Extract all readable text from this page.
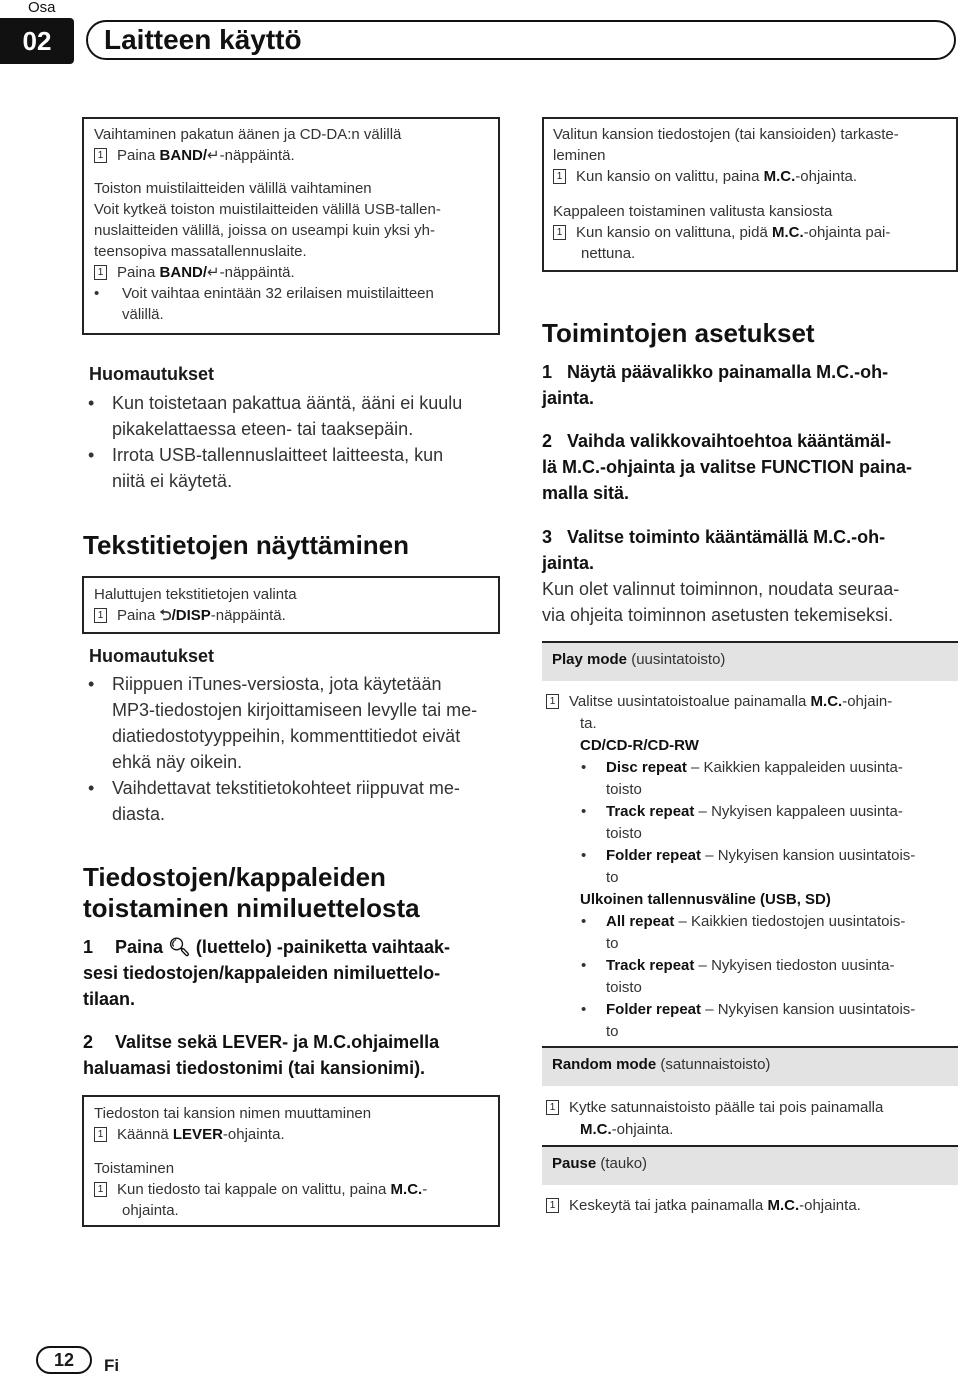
Osa
02	Laitteen käyttö
Vaihtaminen pakatun äänen ja CD-DA:n välillä
1 Paina BAND/↵-näppäintä.
Toiston muistilaitteiden välillä vaihtaminen
Voit kytkeä toiston muistilaitteiden välillä USB-tallen-
nuslaitteiden välillä, joissa on useampi kuin yksi yh-
teensopiva massatallennuslaite.
1 Paina BAND/↵-näppäintä.
• Voit vaihtaa enintään 32 erilaisen muistilaitteen
välillä.
Huomautukset
• Kun toistetaan pakattua ääntä, ääni ei kuulu
pikakelattaessa eteen- tai taaksepäin.
• Irrota USB-tallennuslaitteet laitteesta, kun
niitä ei käytetä.
Tekstitietojen näyttäminen
Haluttujen tekstitietojen valinta
1 Paina ⮌/DISP-näppäintä.
Huomautukset
• Riippuen iTunes-versiosta, jota käytetään
MP3-tiedostojen kirjoittamiseen levylle tai me-
diatiedostotyyppeihin, kommenttitiedot eivät
ehkä näy oikein.
• Vaihdettavat tekstitietokohteet riippuvat me-
diasta.
Tiedostojen/kappaleiden
toistaminen nimiluettelosta
1 Paina 🔍︎ (luettelo) -painiketta vaihtaak-
sesi tiedostojen/kappaleiden nimiluettelo-
tilaan.
2 Valitse sekä LEVER- ja M.C.ohjaimella
haluamasi tiedostonimi (tai kansionimi).
Tiedoston tai kansion nimen muuttaminen
1 Käännä LEVER-ohjainta.
Toistaminen
1 Kun tiedosto tai kappale on valittu, paina M.C.-
ohjainta.
Valitun kansion tiedostojen (tai kansioiden) tarkaste-
leminen
1 Kun kansio on valittu, paina M.C.-ohjainta.
Kappaleen toistaminen valitusta kansiosta
1 Kun kansio on valittuna, pidä M.C.-ohjainta pai-
nettuna.
Toimintojen asetukset
1   Näytä päävalikko painamalla M.C.-oh-
jainta.
2   Vaihda valikkovaihtoehtoa kääntämäl-
lä M.C.-ohjainta ja valitse FUNCTION paina-
malla sitä.
3   Valitse toiminto kääntämällä M.C.-oh-
jainta.
Kun olet valinnut toiminnon, noudata seuraa-
via ohjeita toiminnon asetusten tekemiseksi.
Play mode (uusintatoisto)
1 Valitse uusintatoistoalue painamalla M.C.-ohjain-
ta.
CD/CD-R/CD-RW
• Disc repeat – Kaikkien kappaleiden uusinta-
toisto
• Track repeat – Nykyisen kappaleen uusinta-
toisto
• Folder repeat – Nykyisen kansion uusintatois-
to
Ulkoinen tallennusväline (USB, SD)
• All repeat – Kaikkien tiedostojen uusintatois-
to
• Track repeat – Nykyisen tiedoston uusinta-
toisto
• Folder repeat – Nykyisen kansion uusintatois-
to
Random mode (satunnaistoisto)
1 Kytke satunnaistoisto päälle tai pois painamalla
M.C.-ohjainta.
Pause (tauko)
1 Keskeytä tai jatka painamalla M.C.-ohjainta.
12	Fi
